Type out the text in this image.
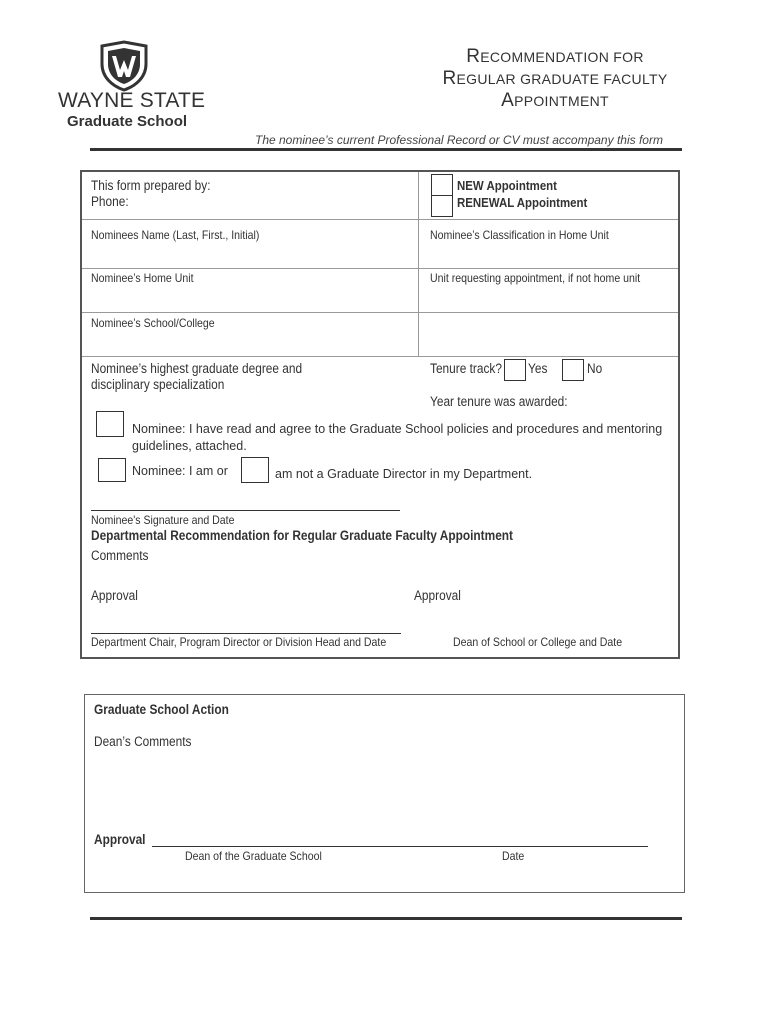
WAYNE STATE
Graduate School
RECOMMENDATION FOR
REGULAR GRADUATE FACULTY
APPOINTMENT
The nominee’s current Professional Record or CV must accompany this form
This form prepared by:
Phone:
NEW Appointment
RENEWAL Appointment
Nominees Name (Last, First., Initial)	Nominee’s Classification in Home Unit
Nominee’s Home Unit	Unit requesting appointment, if not home unit
Nominee’s School/College
Nominee’s highest graduate degree and
disciplinary specialization
Tenure track? Yes	No
Year tenure was awarded:
Nominee: I have read and agree to the Graduate School policies and procedures and mentoring
guidelines, attached.
Nominee: I am or	am not a Graduate Director in my Department.
Nominee's Signature and Date
Departmental Recommendation for Regular Graduate Faculty Appointment
Comments
Approval	Approval
Department Chair, Program Director or Division Head and Date	Dean of School or College and Date
Graduate School Action
Dean’s Comments
Approval
Dean of the Graduate School	Date
